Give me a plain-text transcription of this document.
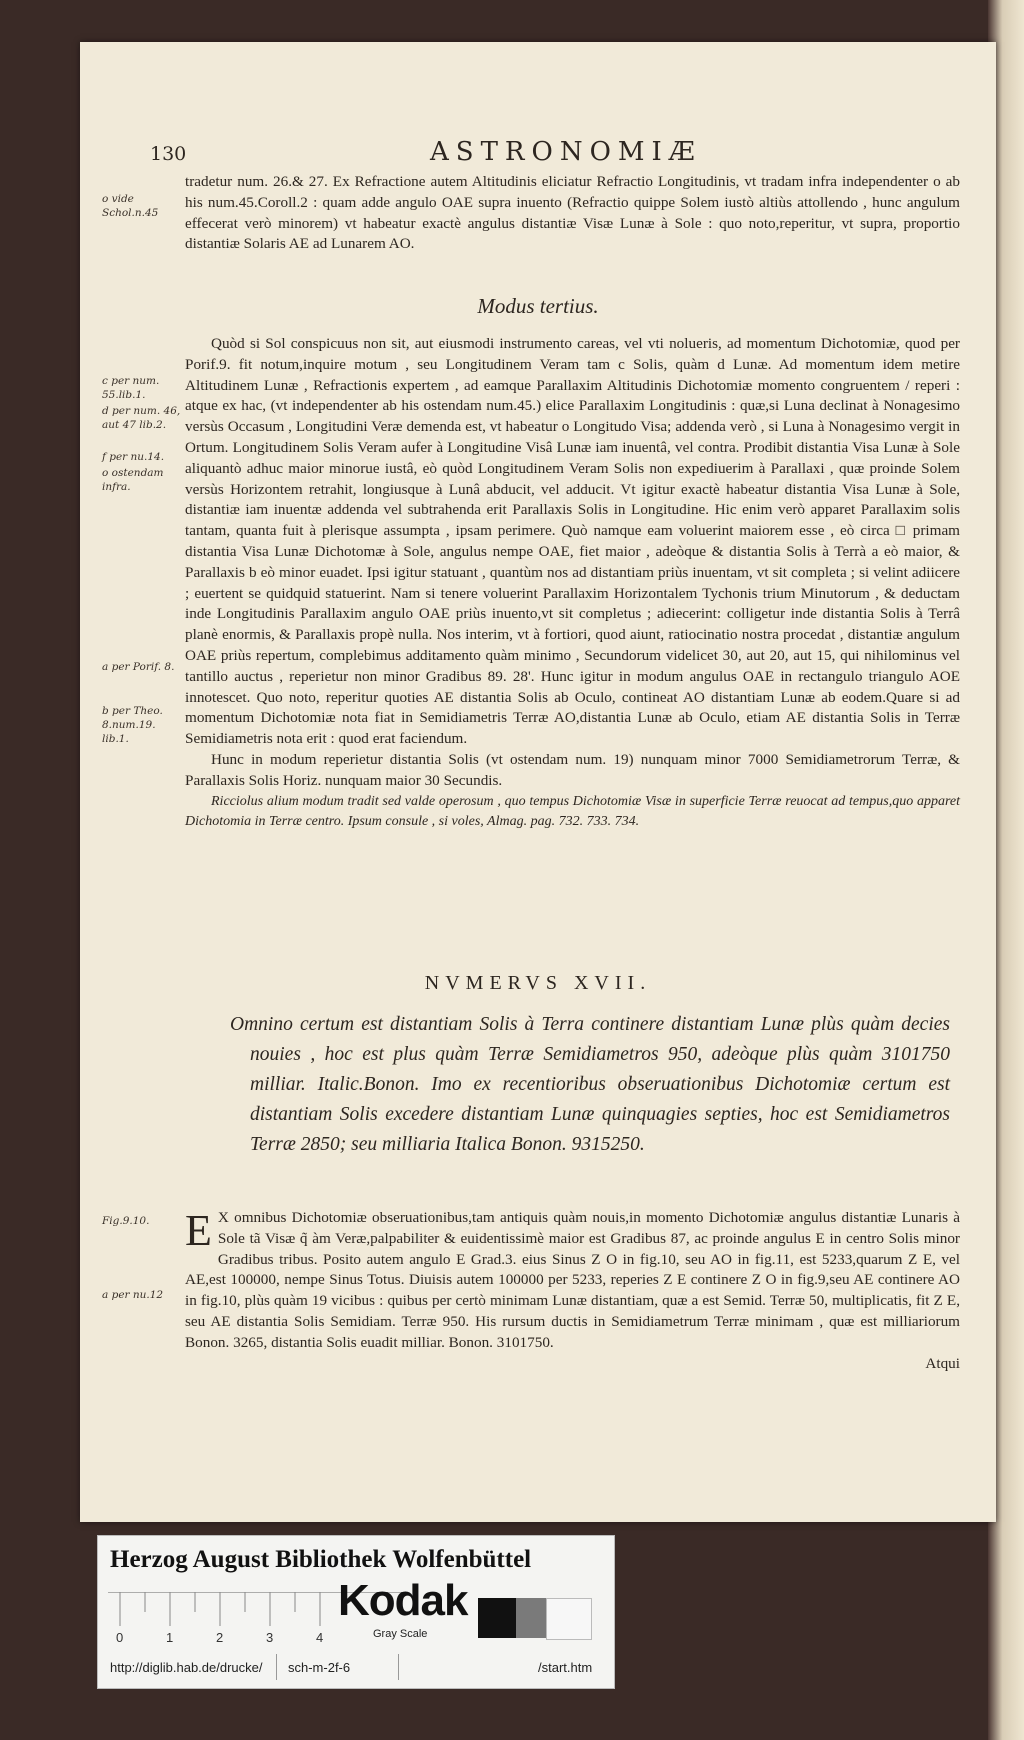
130	ASTRONOMIÆ
o vide Schol.n.45
c per num. 55.lib.1.
d per num. 46, aut 47 lib.2.
f per nu.14.
o ostendam infra.
a per Porif. 8.
b per Theo. 8.num.19. lib.1.
Fig.9.10.
a per nu.12

tradetur num. 26.& 27. Ex Refractione autem Altitudinis eliciatur Refractio Longitudinis, vt tradam infra independenter o ab his num.45.Coroll.2 : quam adde angulo OAE supra inuento (Refractio quippe Solem iustò altiùs attollendo , hunc angulum effecerat verò minorem) vt habeatur exactè angulus distantiæ Visæ Lunæ à Sole : quo noto,reperitur, vt supra, proportio distantiæ Solaris AE ad Lunarem AO.

Modus tertius.

Quòd si Sol conspicuus non sit, aut eiusmodi instrumento careas, vel vti nolueris, ad momentum Dichotomiæ, quod per Porif.9. fit notum,inquire motum , seu Longitudinem Veram tam c Solis, quàm d Lunæ. Ad momentum idem metire Altitudinem Lunæ , Refractionis expertem , ad eamque Parallaxim Altitudinis Dichotomiæ momento congruentem / reperi : atque ex hac, (vt independenter ab his ostendam num.45.) elice Parallaxim Longitudinis : quæ,si Luna declinat à Nonagesimo versùs Occasum , Longitudini Veræ demenda est, vt habeatur o Longitudo Visa; addenda verò , si Luna à Nonagesimo vergit in Ortum. Longitudinem Solis Veram aufer à Longitudine Visâ Lunæ iam inuentâ, vel contra. Prodibit distantia Visa Lunæ à Sole aliquantò adhuc maior minorue iustâ, eò quòd Longitudinem Veram Solis non expediuerim à Parallaxi , quæ proinde Solem versùs Horizontem retrahit, longiusque à Lunâ abducit, vel adducit. Vt igitur exactè habeatur distantia Visa Lunæ à Sole, distantiæ iam inuentæ addenda vel subtrahenda erit Parallaxis Solis in Longitudine. Hic enim verò apparet Parallaxim solis tantam, quanta fuit à plerisque assumpta , ipsam perimere. Quò namque eam voluerint maiorem esse , eò circa □ primam distantia Visa Lunæ Dichotomæ à Sole, angulus nempe OAE, fiet maior , adeòque & distantia Solis à Terrà a eò maior, & Parallaxis b eò minor euadet. Ipsi igitur statuant , quantùm nos ad distantiam priùs inuentam, vt sit completa ; si velint adiicere ; euertent se quidquid statuerint. Nam si tenere voluerint Parallaxim Horizontalem Tychonis trium Minutorum , & deductam inde Longitudinis Parallaxim angulo OAE priùs inuento,vt sit completus ; adiecerint: colligetur inde distantia Solis à Terrâ planè enormis, & Parallaxis propè nulla. Nos interim, vt à fortiori, quod aiunt, ratiocinatio nostra procedat , distantiæ angulum OAE priùs repertum, complebimus additamento quàm minimo , Secundorum videlicet 30, aut 20, aut 15, qui nihilominus vel tantillo auctus , reperietur non minor Gradibus 89. 28'. Hunc igitur in modum angulus OAE in rectangulo triangulo AOE innotescet. Quo noto, reperitur quoties AE distantia Solis ab Oculo, contineat AO distantiam Lunæ ab eodem.Quare si ad momentum Dichotomiæ nota fiat in Semidiametris Terræ AO,distantia Lunæ ab Oculo, etiam AE distantia Solis in Terræ Semidiametris nota erit : quod erat faciendum.

Hunc in modum reperietur distantia Solis (vt ostendam num. 19) nunquam minor 7000 Semidiametrorum Terræ, & Parallaxis Solis Horiz. nunquam maior 30 Secundis.

Ricciolus alium modum tradit sed valde operosum , quo tempus Dichotomiæ Visæ in superficie Terræ reuocat ad tempus,quo apparet Dichotomia in Terræ centro. Ipsum consule , si voles, Almag. pag. 732. 733. 734.

NVMERVS XVII.

Omnino certum est distantiam Solis à Terra continere distantiam Lunæ plùs quàm decies nouies , hoc est plus quàm Terræ Semidiametros 950, adeòque plùs quàm 3101750 milliar. Italic.Bonon. Imo ex recentioribus obseruationibus Dichotomiæ certum est distantiam Solis excedere distantiam Lunæ quinquagies septies, hoc est Semidiametros Terræ 2850; seu milliaria Italica Bonon. 9315250.

E X omnibus Dichotomiæ obseruationibus,tam antiquis quàm nouis,in momento Dichotomiæ angulus distantiæ Lunaris à Sole tã Visæ q̃ àm Veræ,palpabiliter & euidentissimè maior est Gradibus 87, ac proinde angulus E in centro Solis minor Gradibus tribus. Posito autem angulo E Grad.3. eius Sinus Z O in fig.10, seu AO in fig.11, est 5233,quarum Z E, vel AE,est 100000, nempe Sinus Totus. Diuisis autem 100000 per 5233, reperies Z E continere Z O in fig.9,seu AE continere AO in fig.10, plùs quàm 19 vicibus : quibus per certò minimam Lunæ distantiam, quæ a est Semid. Terræ 50, multiplicatis, fit Z E, seu AE distantia Solis Semidiam. Terræ 950. His rursum ductis in Semidiametrum Terræ minimam , quæ est milliariorum Bonon. 3265, distantia Solis euadit milliar. Bonon. 3101750.

Atqui

Herzog August Bibliothek Wolfenbüttel
0	1	2	3	4
Kodak
Gray Scale
http://diglib.hab.de/drucke/ sch-m-2f-6	/start.htm
